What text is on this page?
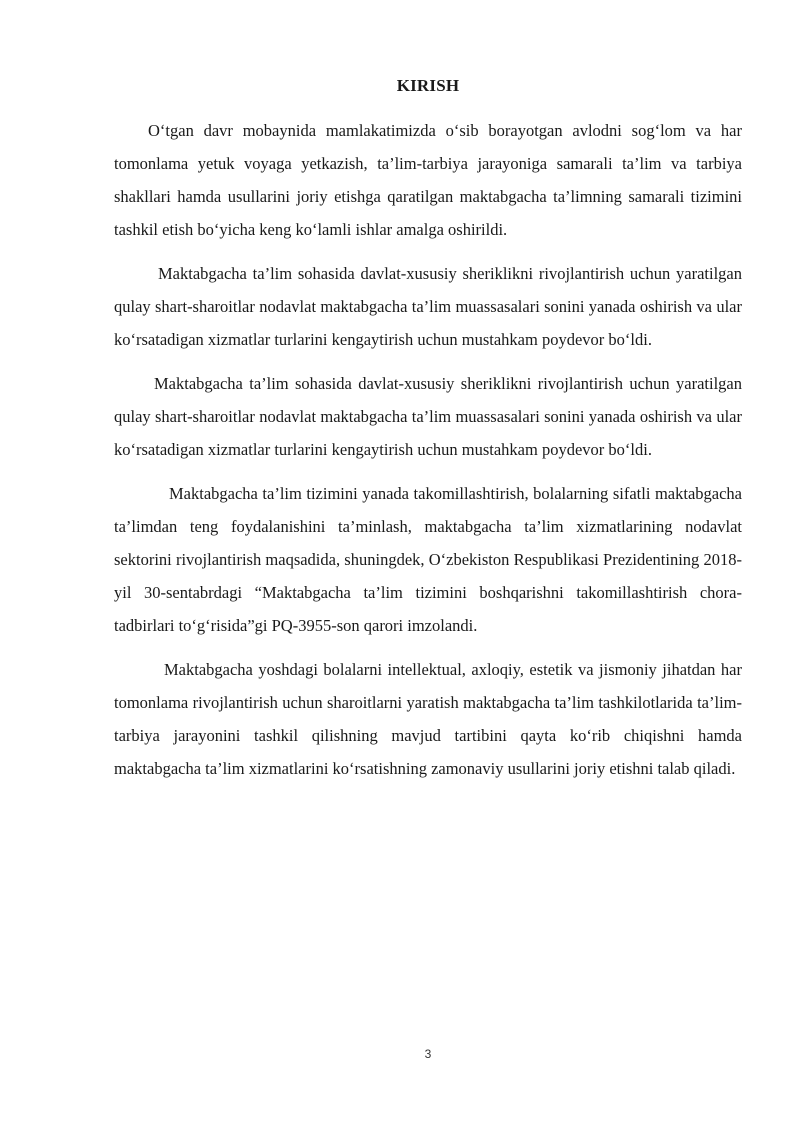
KIRISH

O‘tgan davr mobaynida mamlakatimizda o‘sib borayotgan avlodni sog‘lom va har tomonlama yetuk voyaga yetkazish, ta’lim-tarbiya jarayoniga samarali ta’lim va tarbiya shakllari hamda usullarini joriy etishga qaratilgan maktabgacha ta’limning samarali tizimini tashkil etish bo‘yicha keng ko‘lamli ishlar amalga oshirildi.

Maktabgacha ta’lim sohasida davlat-xususiy sheriklikni rivojlantirish uchun yaratilgan qulay shart-sharoitlar nodavlat maktabgacha ta’lim muassasalari sonini yanada oshirish va ular ko‘rsatadigan xizmatlar turlarini kengaytirish uchun mustahkam poydevor bo‘ldi.

Maktabgacha ta’lim sohasida davlat-xususiy sheriklikni rivojlantirish uchun yaratilgan qulay shart-sharoitlar nodavlat maktabgacha ta’lim muassasalari sonini yanada oshirish va ular ko‘rsatadigan xizmatlar turlarini kengaytirish uchun mustahkam poydevor bo‘ldi.

Maktabgacha ta’lim tizimini yanada takomillashtirish, bolalarning sifatli maktabgacha ta’limdan teng foydalanishini ta’minlash, maktabgacha ta’lim xizmatlarining nodavlat sektorini rivojlantirish maqsadida, shuningdek, O‘zbekiston Respublikasi Prezidentining 2018-yil 30-sentabrdagi “Maktabgacha ta’lim tizimini boshqarishni takomillashtirish chora-tadbirlari to‘g‘risida”gi PQ-3955-son qarori imzolandi.

Maktabgacha yoshdagi bolalarni intellektual, axloqiy, estetik va jismoniy jihatdan har tomonlama rivojlantirish uchun sharoitlarni yaratish maktabgacha ta’lim tashkilotlarida ta’lim-tarbiya jarayonini tashkil qilishning mavjud tartibini qayta ko‘rib chiqishni hamda maktabgacha ta’lim xizmatlarini ko‘rsatishning zamonaviy usullarini joriy etishni talab qiladi.

3
